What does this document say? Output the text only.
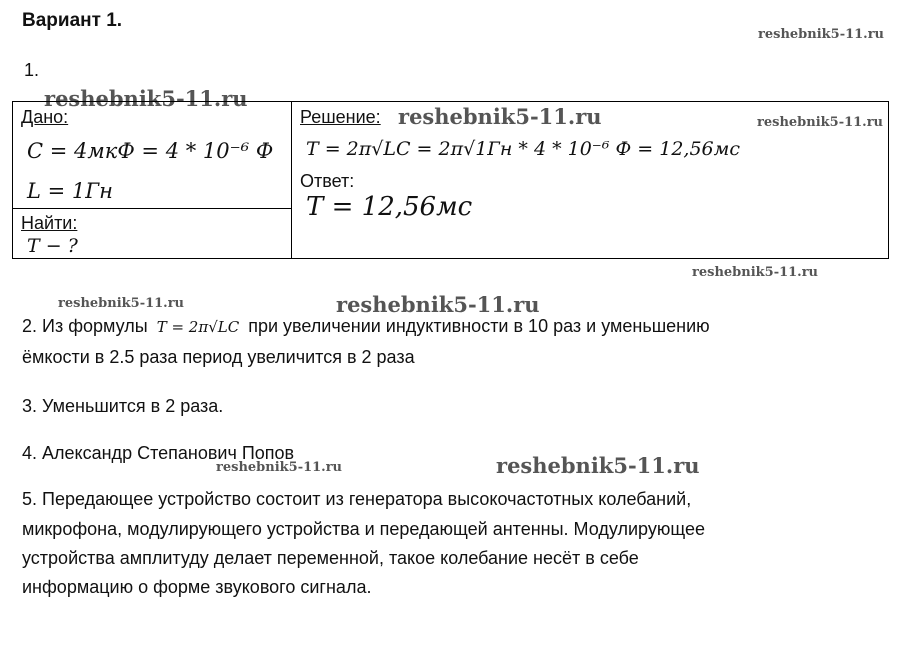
Вариант 1.
reshebnik5-11.ru
1.
reshebnik5-11.ru
Дано:
C = 4мкФ = 4 * 10⁻⁶ Ф
L = 1Гн
Найти:
T − ?
Решение:
T = 2π√LC = 2π√1Гн * 4 * 10⁻⁶ Ф = 12,56мс
Ответ:
T = 12,56мс
reshebnik5-11.ru	reshebnik5-11.ru
reshebnik5-11.ru
reshebnik5-11.ru	reshebnik5-11.ru
2. Из формулы T = 2π√LC при увеличении индуктивности в 10 раз и уменьшению
ёмкости в 2.5 раза период увеличится в 2 раза
3. Уменьшится в 2 раза.
4. Александр Степанович Попов
reshebnik5-11.ru	reshebnik5-11.ru
5. Передающее устройство состоит из генератора высокочастотных колебаний,
микрофона, модулирующего устройства и передающей антенны. Модулирующее
устройства амплитуду делает переменной, такое колебание несёт в себе
информацию о форме звукового сигнала.
